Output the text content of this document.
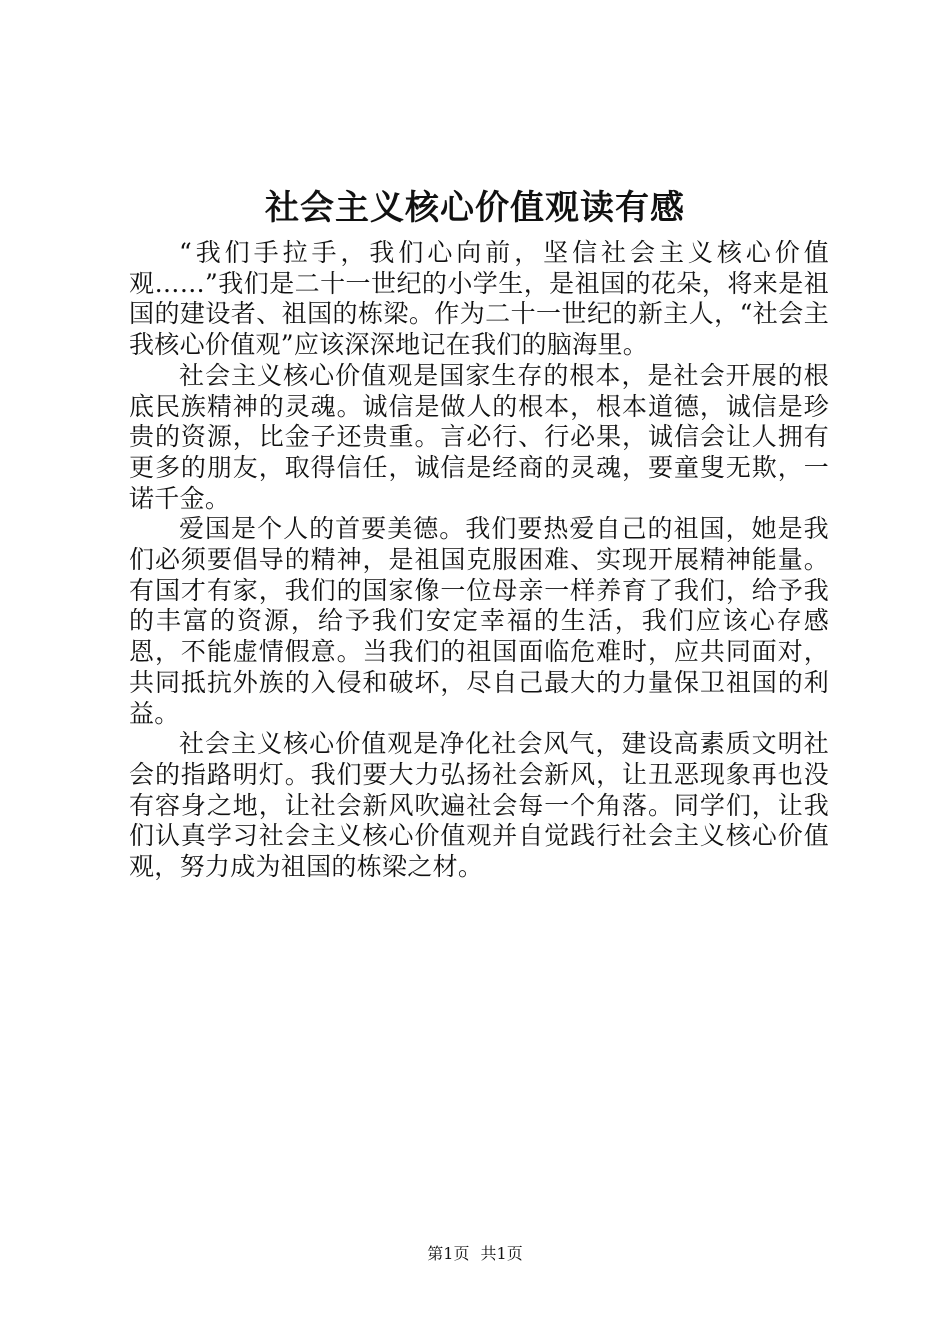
社会主义核心价值观读有感

“我们手拉手，我们心向前，坚信社会主义核心价值观……”我们是二十一世纪的小学生，是祖国的花朵，将来是祖国的建设者、祖国的栋梁。作为二十一世纪的新主人，“社会主我核心价值观”应该深深地记在我们的脑海里。

社会主义核心价值观是国家生存的根本，是社会开展的根底民族精神的灵魂。诚信是做人的根本，根本道德，诚信是珍贵的资源，比金子还贵重。言必行、行必果，诚信会让人拥有更多的朋友，取得信任，诚信是经商的灵魂，要童叟无欺，一诺千金。

爱国是个人的首要美德。我们要热爱自己的祖国，她是我们必须要倡导的精神，是祖国克服困难、实现开展精神能量。有国才有家，我们的国家像一位母亲一样养育了我们，给予我的丰富的资源，给予我们安定幸福的生活，我们应该心存感恩，不能虚情假意。当我们的祖国面临危难时，应共同面对，共同抵抗外族的入侵和破坏，尽自己最大的力量保卫祖国的利益。

社会主义核心价值观是净化社会风气，建设高素质文明社会的指路明灯。我们要大力弘扬社会新风，让丑恶现象再也没有容身之地，让社会新风吹遍社会每一个角落。同学们，让我们认真学习社会主义核心价值观并自觉践行社会主义核心价值观，努力成为祖国的栋梁之材。

第1页 共1页
